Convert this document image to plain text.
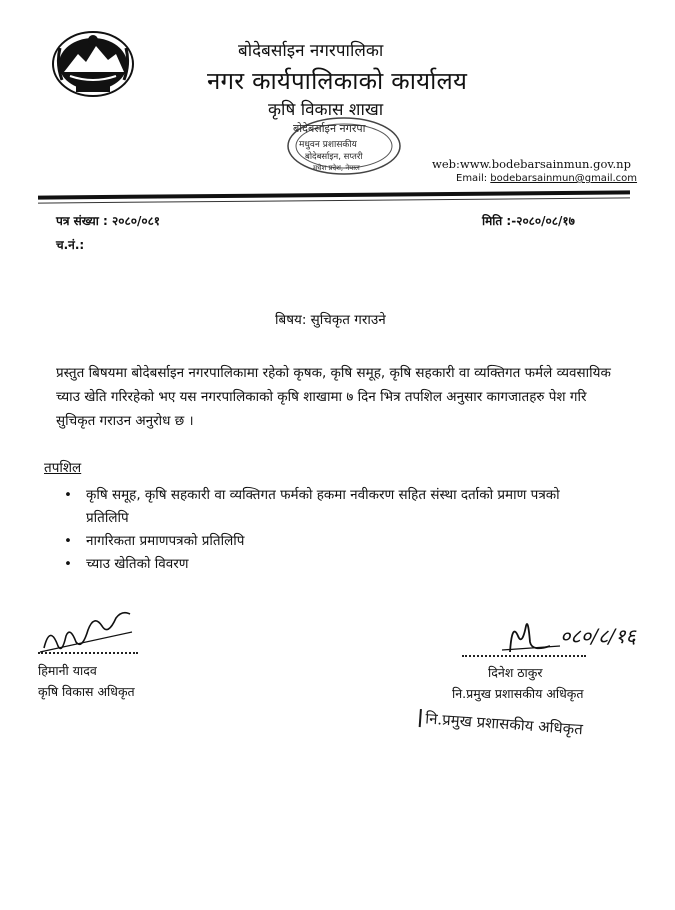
बोदेबर्साइन नगरपालिका
नगर कार्यपालिकाको कार्यालय
कृषि विकास शाखा
बोदेबर्साइन नगरपा
मधुवन प्रशासकीय
बोदेबर्साइन, सप्तरी
मधेश प्रदेश, नेपाल	web:www.bodebarsainmun.gov.np
Email: bodebarsainmun@gmail.com
पत्र संख्या : २०८०/०८१
च.नं.:
मिति :-२०८०/०८/१७
बिषय: सुचिकृत गराउने
प्रस्तुत बिषयमा बोदेबर्साइन नगरपालिकामा रहेको कृषक, कृषि समूह, कृषि सहकारी वा व्यक्तिगत फर्मले व्यवसायिक च्याउ खेति गरिरहेको भए यस नगरपालिकाको कृषि शाखामा ७ दिन भित्र तपशिल अनुसार कागजातहरु पेश गरि सुचिकृत गराउन अनुरोध छ ।
तपशिल
• कृषि समूह, कृषि सहकारी वा व्यक्तिगत फर्मको हकमा नवीकरण सहित संस्था दर्ताको प्रमाण पत्रको प्रतिलिपि
• नागरिकता प्रमाणपत्रको प्रतिलिपि
• च्याउ खेतिको विवरण
हिमानी यादव
कृषि विकास अधिकृत
०८०/८/१६
दिनेश ठाकुर
नि.प्रमुख प्रशासकीय अधिकृत
नि.प्रमुख प्रशासकीय अधिकृत
